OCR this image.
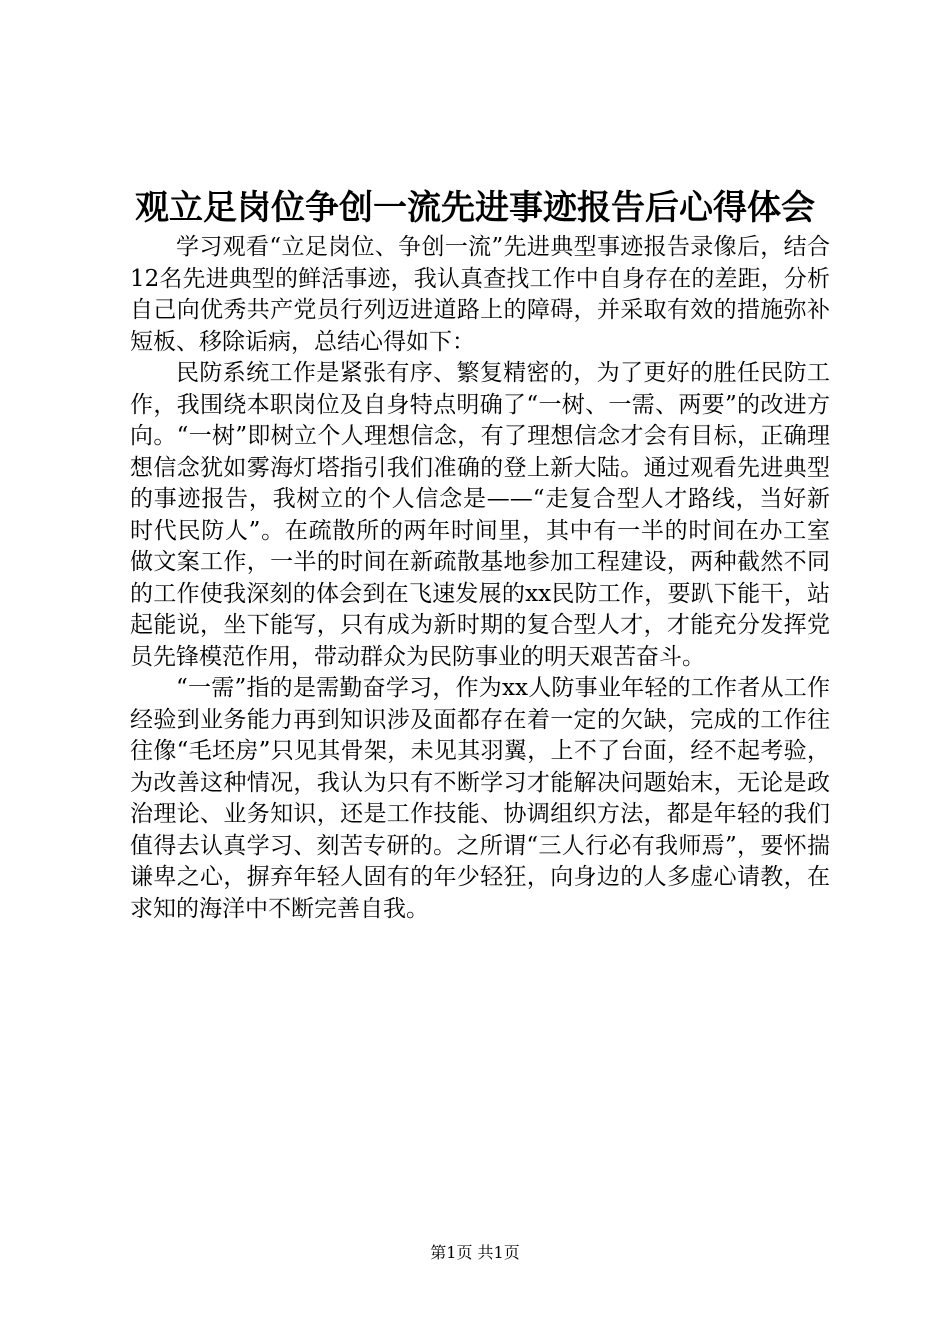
观立足岗位争创一流先进事迹报告后心得体会

学习观看“立足岗位、争创一流”先进典型事迹报告录像后，结合12名先进典型的鲜活事迹，我认真查找工作中自身存在的差距，分析自己向优秀共产党员行列迈进道路上的障碍，并采取有效的措施弥补短板、移除诟病，总结心得如下：

民防系统工作是紧张有序、繁复精密的，为了更好的胜任民防工作，我围绕本职岗位及自身特点明确了“一树、一需、两要”的改进方向。“一树”即树立个人理想信念，有了理想信念才会有目标，正确理想信念犹如雾海灯塔指引我们准确的登上新大陆。通过观看先进典型的事迹报告，我树立的个人信念是——“走复合型人才路线，当好新时代民防人”。在疏散所的两年时间里，其中有一半的时间在办工室做文案工作，一半的时间在新疏散基地参加工程建设，两种截然不同的工作使我深刻的体会到在飞速发展的xx民防工作，要趴下能干，站起能说，坐下能写，只有成为新时期的复合型人才，才能充分发挥党员先锋模范作用，带动群众为民防事业的明天艰苦奋斗。

“一需”指的是需勤奋学习，作为xx人防事业年轻的工作者从工作经验到业务能力再到知识涉及面都存在着一定的欠缺，完成的工作往往像“毛坯房”只见其骨架，未见其羽翼，上不了台面，经不起考验，为改善这种情况，我认为只有不断学习才能解决问题始末，无论是政治理论、业务知识，还是工作技能、协调组织方法，都是年轻的我们值得去认真学习、刻苦专研的。之所谓“三人行必有我师焉”，要怀揣谦卑之心，摒弃年轻人固有的年少轻狂，向身边的人多虚心请教，在求知的海洋中不断完善自我。

第1页 共1页
